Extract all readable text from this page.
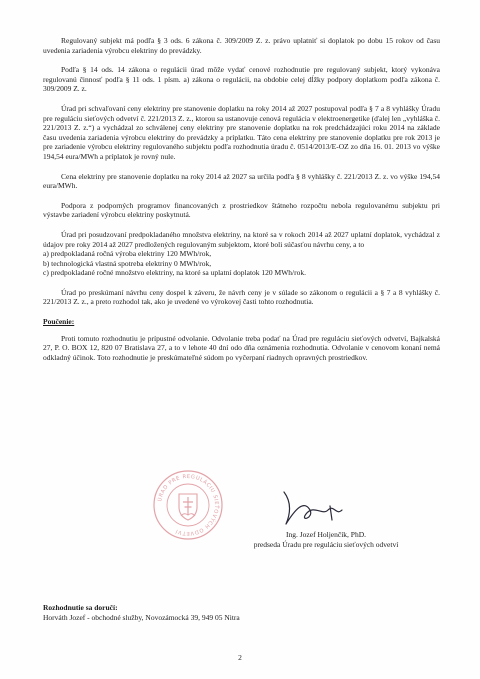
Regulovaný subjekt má podľa § 3 ods. 6 zákona č. 309/2009 Z. z. právo uplatniť si doplatok po dobu 15 rokov od času uvedenia zariadenia výrobcu elektriny do prevádzky.

Podľa § 14 ods. 14 zákona o regulácii úrad môže vydať cenové rozhodnutie pre regulovaný subjekt, ktorý vykonáva regulovanú činnosť podľa § 11 ods. 1 písm. a) zákona o regulácii, na obdobie celej dĺžky podpory doplatkom podľa zákona č. 309/2009 Z. z.

Úrad pri schvaľovaní ceny elektriny pre stanovenie doplatku na roky 2014 až 2027 postupoval podľa § 7 a 8 vyhlášky Úradu pre reguláciu sieťových odvetví č. 221/2013 Z. z., ktorou sa ustanovuje cenová regulácia v elektroenergetike (ďalej len „vyhláška č. 221/2013 Z. z.“) a vychádzal zo schválenej ceny elektriny pre stanovenie doplatku na rok predchádzajúci roku 2014 na základe času uvedenia zariadenia výrobcu elektriny do prevádzky a príplatku. Táto cena elektriny pre stanovenie doplatku pre rok 2013 je pre zariadenie výrobcu elektriny regulovaného subjektu podľa rozhodnutia úradu č. 0514/2013/E-OZ zo dňa 16. 01. 2013 vo výške 194,54 eura/MWh a príplatok je rovný nule.

Cena elektriny pre stanovenie doplatku na roky 2014 až 2027 sa určila podľa § 8 vyhlášky č. 221/2013 Z. z. vo výške 194,54 eura/MWh.

Podpora z podporných programov financovaných z prostriedkov štátneho rozpočtu nebola regulovanému subjektu pri výstavbe zariadení výrobcu elektriny poskytnutá.

Úrad pri posudzovaní predpokladaného množstva elektriny, na ktoré sa v rokoch 2014 až 2027 uplatní doplatok, vychádzal z údajov pre roky 2014 až 2027 predložených regulovaným subjektom, ktoré boli súčasťou návrhu ceny, a to

a) predpokladaná ročná výroba elektriny 120 MWh/rok,
b) technologická vlastná spotreba elektriny 0 MWh/rok,
c) predpokladané ročné množstvo elektriny, na ktoré sa uplatní doplatok 120 MWh/rok.

Úrad po preskúmaní návrhu ceny dospel k záveru, že návrh ceny je v súlade so zákonom o regulácii a § 7 a 8 vyhlášky č. 221/2013 Z. z., a preto rozhodol tak, ako je uvedené vo výrokovej časti tohto rozhodnutia.

Poučenie:

Proti tomuto rozhodnutiu je prípustné odvolanie. Odvolanie treba podať na Úrad pre reguláciu sieťových odvetví, Bajkalská 27, P. O. BOX 12, 820 07 Bratislava 27, a to v lehote 40 dní odo dňa oznámenia rozhodnutia. Odvolanie v cenovom konaní nemá odkladný účinok. Toto rozhodnutie je preskúmateľné súdom po vyčerpaní riadnych opravných prostriedkov.

ÚRAD PRE REGULÁCIU SIEŤOVÝCH ODVETVÍ	Ing. Jozef Holjenčík, PhD.
predseda Úradu pre reguláciu sieťových odvetví
Rozhodnutie sa doručí:
Horváth Jozef - obchodné služby, Novozámocká 39, 949 05 Nitra
2
